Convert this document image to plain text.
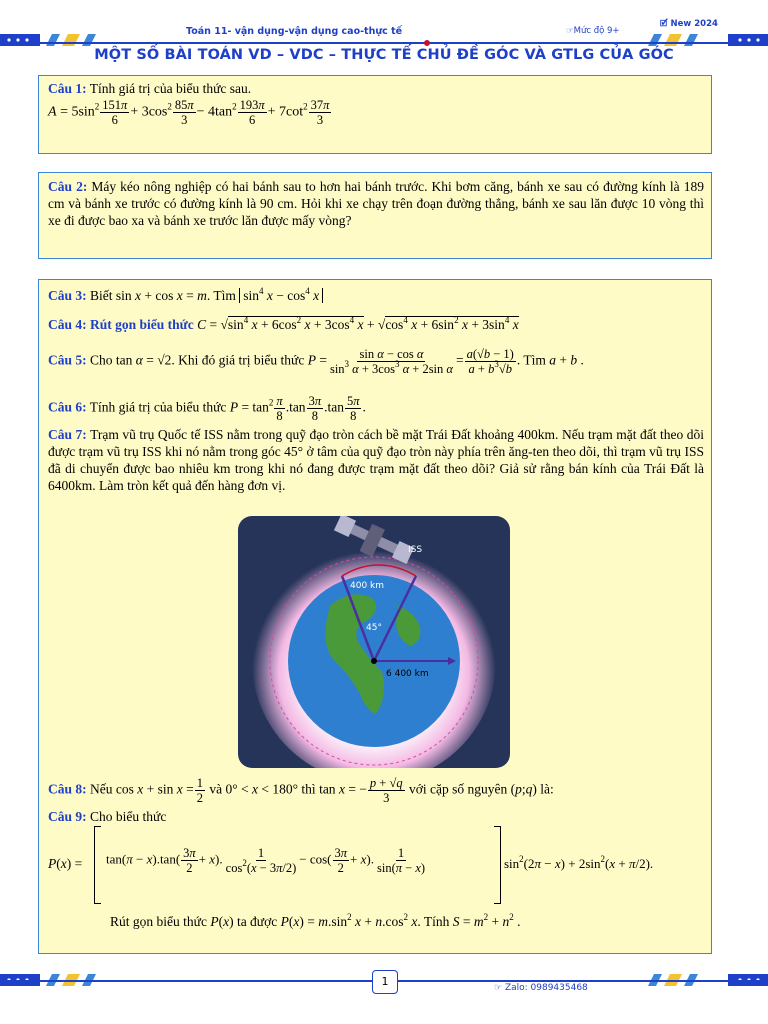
Toán 11- vận dụng-vận dụng cao-thực tế	☞Mức độ 9+
🗹 New 2024
MỘT SỐ BÀI TOÁN VD – VDC – THỰC TẾ CHỦ ĐỀ GÓC VÀ GTLG CỦA GÓC
Câu 1: Tính giá trị của biểu thức sau.
$A = 5\sin^2 \frac{151\pi}{6} + 3\cos^2 \frac{85\pi}{3} - 4\tan^2 \frac{193\pi}{6} + 7\cot^2 \frac{37\pi}{3}$
Câu 2: Máy kéo nông nghiệp có hai bánh sau to hơn hai bánh trước. Khi bơm căng, bánh xe sau có đường kính là 189 cm và bánh xe trước có đường kính là 90 cm. Hỏi khi xe chạy trên đoạn đường thẳng, bánh xe sau lăn được 10 vòng thì xe đi được bao xa và bánh xe trước lăn được mấy vòng?
Câu 3: Biết sin x + cos x = m. Tìm $\sin^4 x - \cos^4 x$
Câu 4: Rút gọn biểu thức $C = √\sin^4$ $x + 6\cos^2$ $x + 3\cos^4$ $x + √\cos^4$ $x + 6\sin^2$ $x + 3\sin^4$ x
Câu 5: Cho tan α = √2. Khi đó giá trị biểu thức $P = \frac{\text{sin α − cos α}}{\sin^3 \alpha + 3\cos^3 \alpha + 2\sin \alpha} = \frac{a(√b - 1)}{a + b^3√b}$ . Tìm a + b .
Câu 6: Tính giá trị của biểu thức $P = \tan^2 \frac{\pi}{8} .\tan \frac{3\pi}{8} .\tan \frac{5\pi}{8}$ .
Câu 7: Trạm vũ trụ Quốc tế ISS nằm trong quỹ đạo tròn cách bề mặt Trái Đất khoảng 400km. Nếu trạm mặt đất theo dõi được trạm vũ trụ ISS khi nó nằm trong góc 45° ở tâm của quỹ đạo tròn này phía trên ăng-ten theo dõi, thì trạm vũ trụ ISS đã di chuyển được bao nhiêu km trong khi nó đang được trạm mặt đất theo dõi? Giả sử rằng bán kính của Trái Đất là 6400km. Làm tròn kết quả đến hàng đơn vị.
ISS
400 km
45°
6 400 km
Câu 8: Nếu $\cos x + \sin x = \frac{1}{2}$ và 0° < x < 180° thì tan x = − $\frac{p + √q}{3}$ với cặp số nguyên (p;q) là:
Câu 9: Cho biểu thức
$P(x) = \tan(\pi - x).\tan( \frac{3\pi}{2} + x)$. $\frac{1}{\cos^2(x - 3\pi/2)} - \cos( \frac{3\pi}{2} + x)$. $\frac{1}{\sin(\pi - x)}$	$\sin^2(2\pi - x) + 2\sin^2(x + \pi/2)$.
Rút gọn biểu thức P(x) ta được $P(x) = m.\sin^2$ $x + n.\cos^2$ x. Tính $S = m^2 + n^2$ .
1	☞ Zalo: 0989435468
